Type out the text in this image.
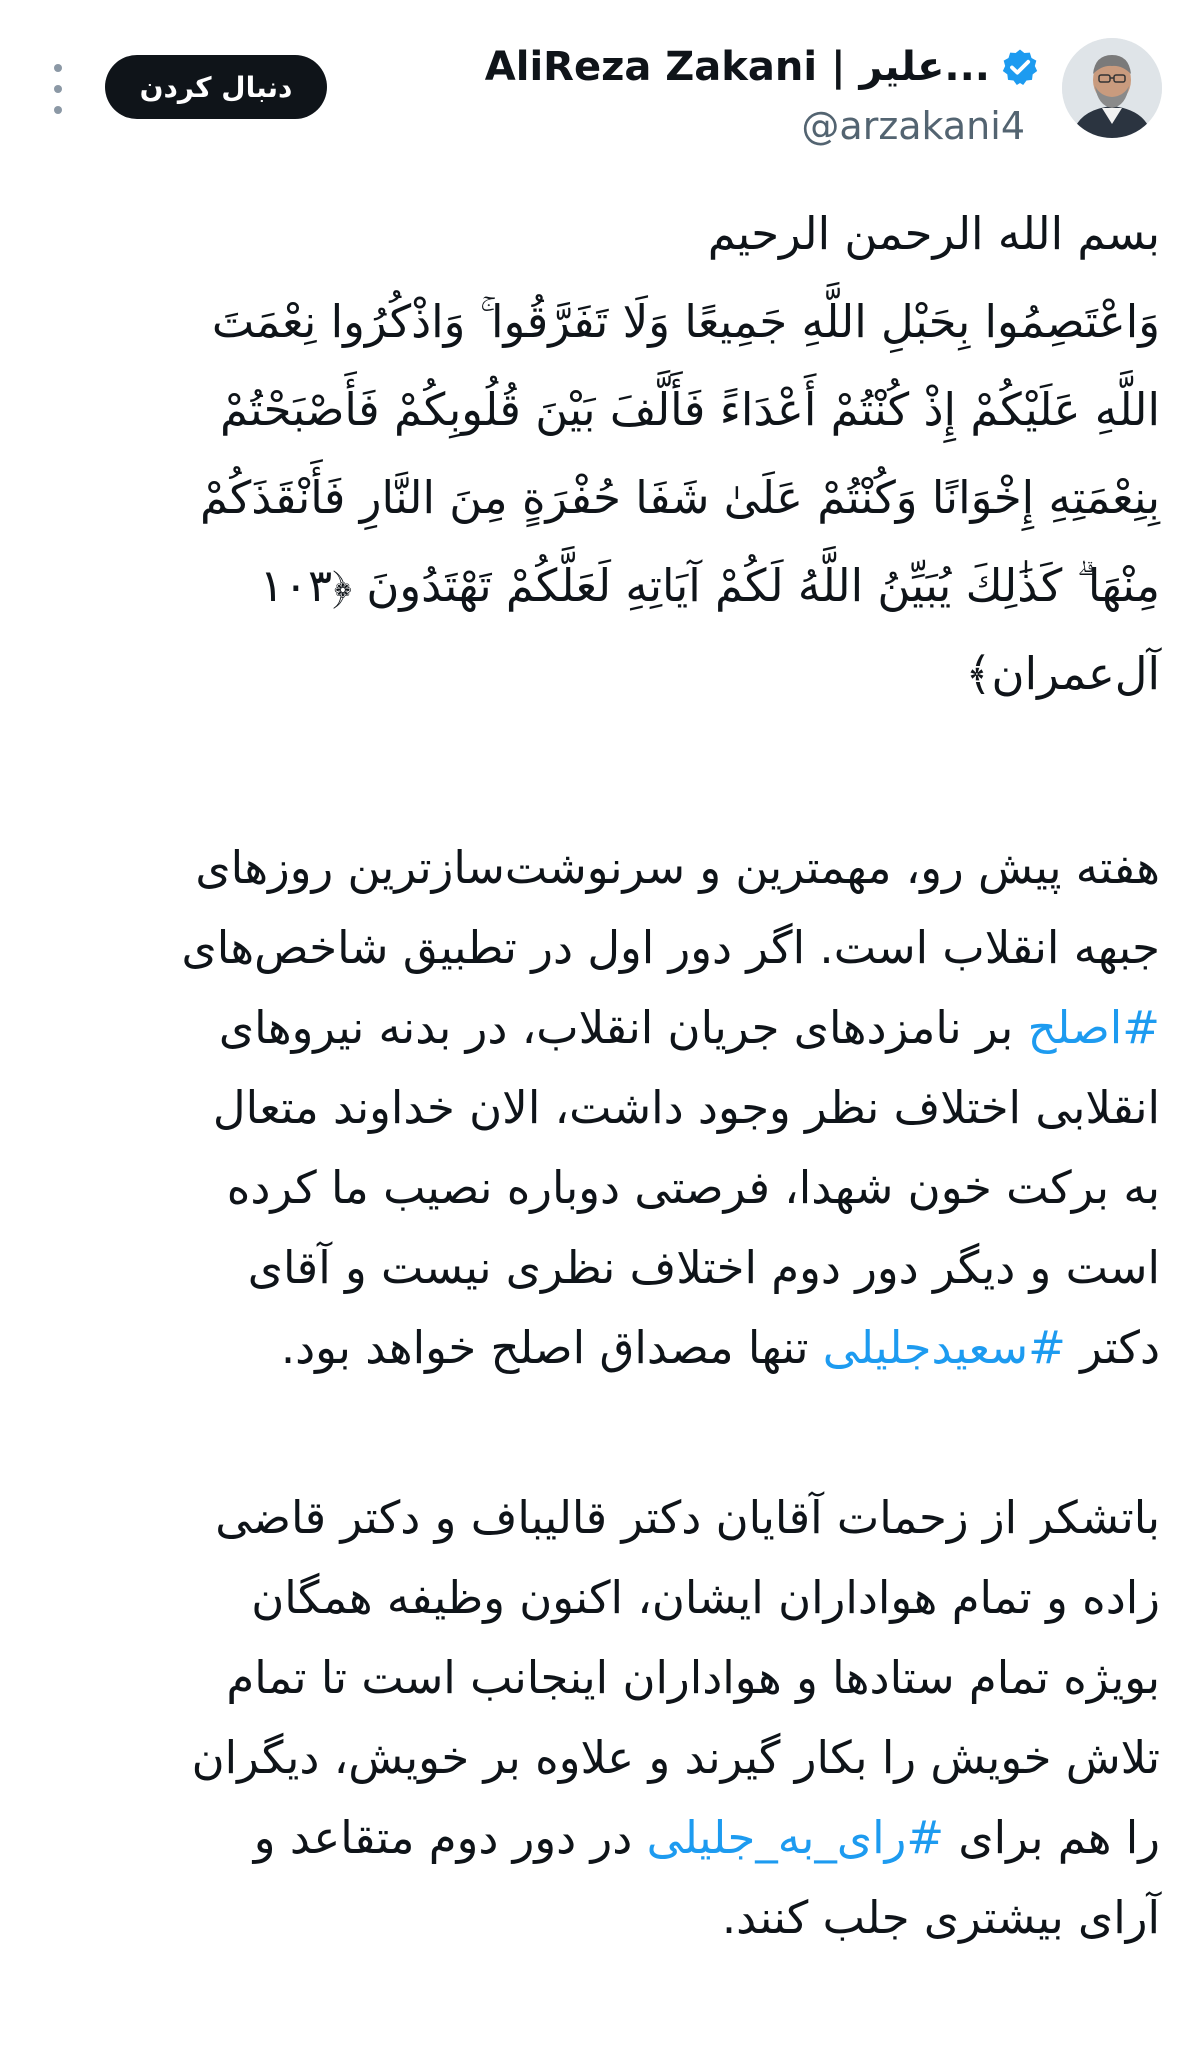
AliReza Zakani | علیر...
@arzakani4
دنبال کردن
بسم الله الرحمن الرحیم
وَاعْتَصِمُوا بِحَبْلِ اللَّهِ جَمِيعًا وَلَا تَفَرَّقُوا ۚ وَاذْكُرُوا نِعْمَتَ
اللَّهِ عَلَيْكُمْ إِذْ كُنْتُمْ أَعْدَاءً فَأَلَّفَ بَيْنَ قُلُوبِكُمْ فَأَصْبَحْتُمْ
بِنِعْمَتِهِ إِخْوَانًا وَكُنْتُمْ عَلَىٰ شَفَا حُفْرَةٍ مِنَ النَّارِ فَأَنْقَذَكُمْ
مِنْهَا ۗ كَذَٰلِكَ يُبَيِّنُ اللَّهُ لَكُمْ آيَاتِهِ لَعَلَّكُمْ تَهْتَدُونَ ﴿۱۰۳
آل‌عمران﴾
هفته پیش رو، مهمترین و سرنوشت‌سازترین روزهای
جبهه انقلاب است. اگر دور اول در تطبیق شاخص‌های
#اصلح بر نامزدهای جریان انقلاب، در بدنه نیروهای
انقلابی اختلاف نظر وجود داشت، الان خداوند متعال
به برکت خون شهدا، فرصتی دوباره نصیب ما کرده
است و دیگر دور دوم اختلاف نظری نیست و آقای
دکتر #سعیدجلیلی تنها مصداق اصلح خواهد بود.
باتشکر از زحمات آقایان دکتر قالیباف و دکتر قاضی
زاده و تمام هواداران ایشان، اکنون وظیفه همگان
بویژه تمام ستادها و هواداران اینجانب است تا تمام
تلاش خویش را بکار گیرند و علاوه بر خویش، دیگران
را هم برای #رای_به_جلیلی در دور دوم متقاعد و
آرای بیشتری جلب کنند.
